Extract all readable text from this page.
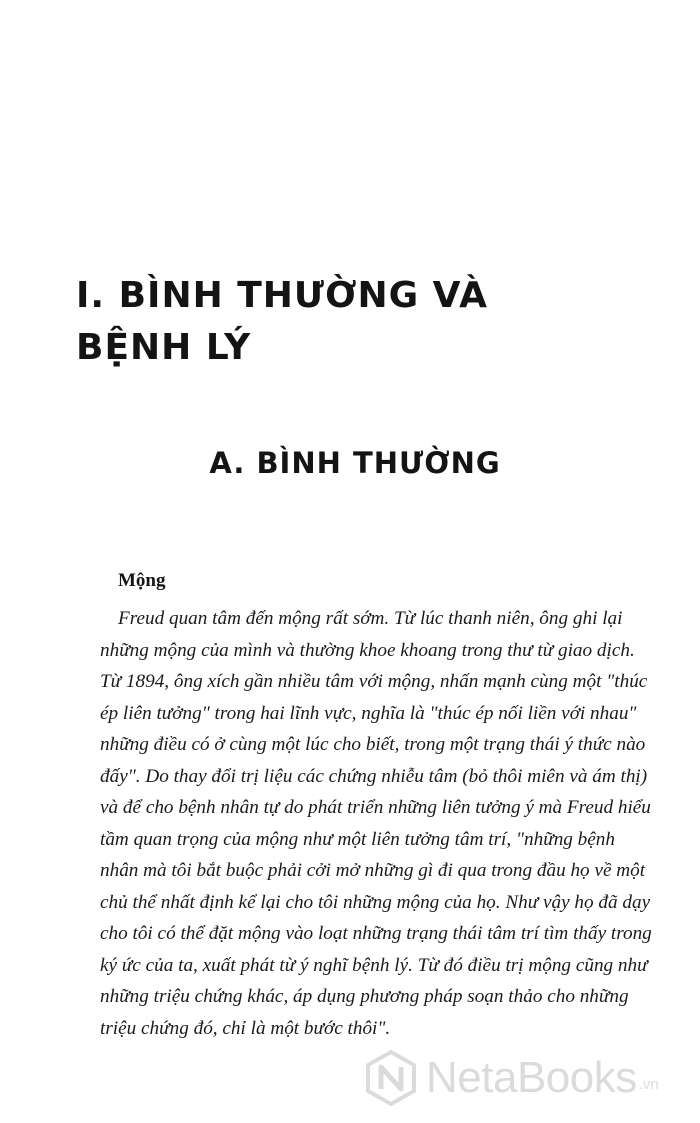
I. BÌNH THƯỜNG VÀ
BỆNH LÝ
A. BÌNH THƯỜNG
Mộng

Freud quan tâm đến mộng rất sớm. Từ lúc thanh niên, ông ghi lại
những mộng của mình và thường khoe khoang trong thư từ giao dịch.
Từ 1894, ông xích gần nhiều tâm với mộng, nhấn mạnh cùng một "thúc
ép liên tưởng" trong hai lĩnh vực, nghĩa là "thúc ép nối liền với nhau"
những điều có ở cùng một lúc cho biết, trong một trạng thái ý thức nào
đấy". Do thay đổi trị liệu các chứng nhiễu tâm (bỏ thôi miên và ám thị)
và để cho bệnh nhân tự do phát triển những liên tưởng ý mà Freud hiểu
tầm quan trọng của mộng như một liên tưởng tâm trí, "những bệnh
nhân mà tôi bắt buộc phải cởi mở những gì đi qua trong đầu họ về một
chủ thể nhất định kể lại cho tôi những mộng của họ. Như vậy họ đã dạy
cho tôi có thể đặt mộng vào loạt những trạng thái tâm trí tìm thấy trong
ký ức của ta, xuất phát từ ý nghĩ bệnh lý. Từ đó điều trị mộng cũng như
những triệu chứng khác, áp dụng phương pháp soạn thảo cho những
triệu chứng đó, chỉ là một bước thôi".

NetaBooks .vn
